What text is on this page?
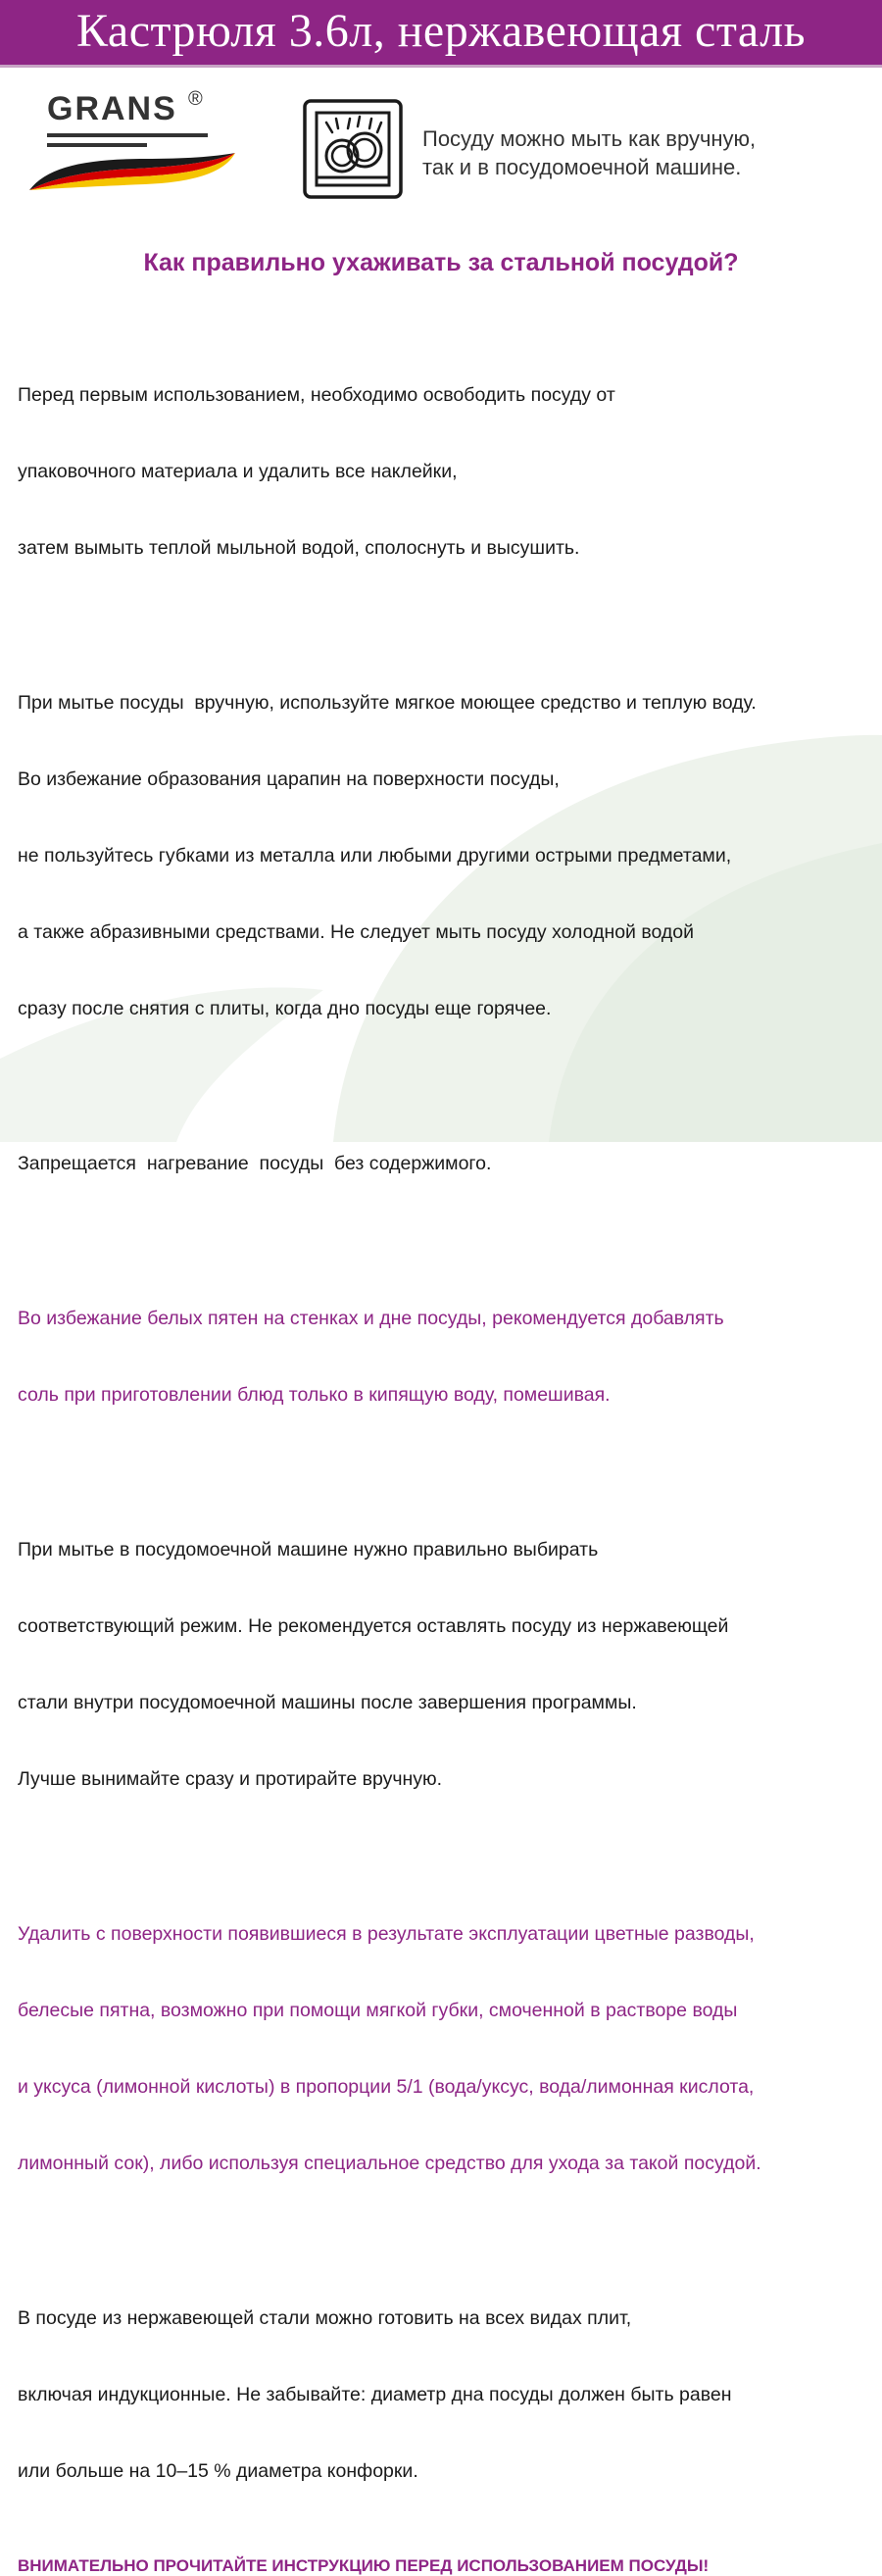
Кастрюля 3.6л, нержавеющая сталь
GRANS ®
Посуду можно мыть как вручную,
так и в посудомоечной машине.
Как правильно ухаживать за стальной посудой?

Перед первым использованием, необходимо освободить посуду от

упаковочного материала и удалить все наклейки,

затем вымыть теплой мыльной водой, сполоснуть и высушить.

При мытье посуды  вручную, используйте мягкое моющее средство и теплую воду.

Во избежание образования царапин на поверхности посуды,

не пользуйтесь губками из металла или любыми другими острыми предметами,

а также абразивными средствами. Не следует мыть посуду холодной водой

сразу после снятия с плиты, когда дно посуды еще горячее.

Запрещается  нагревание  посуды  без содержимого.

Во избежание белых пятен на стенках и дне посуды, рекомендуется добавлять

соль при приготовлении блюд только в кипящую воду, помешивая.

При мытье в посудомоечной машине нужно правильно выбирать

соответствующий режим. Не рекомендуется оставлять посуду из нержавеющей

стали внутри посудомоечной машины после завершения программы.

Лучше вынимайте сразу и протирайте вручную.

Удалить с поверхности появившиеся в результате эксплуатации цветные разводы,

белесые пятна, возможно при помощи мягкой губки, смоченной в растворе воды

и уксуса (лимонной кислоты) в пропорции 5/1 (вода/уксус, вода/лимонная кислота,

лимонный сок), либо используя специальное средство для ухода за такой посудой.

В посуде из нержавеющей стали можно готовить на всех видах плит,

включая индукционные. Не забывайте: диаметр дна посуды должен быть равен

или больше на 10–15 % диаметра конфорки.

ВНИМАТЕЛЬНО ПРОЧИТАЙТЕ ИНСТРУКЦИЮ ПЕРЕД ИСПОЛЬЗОВАНИЕМ ПОСУДЫ!
